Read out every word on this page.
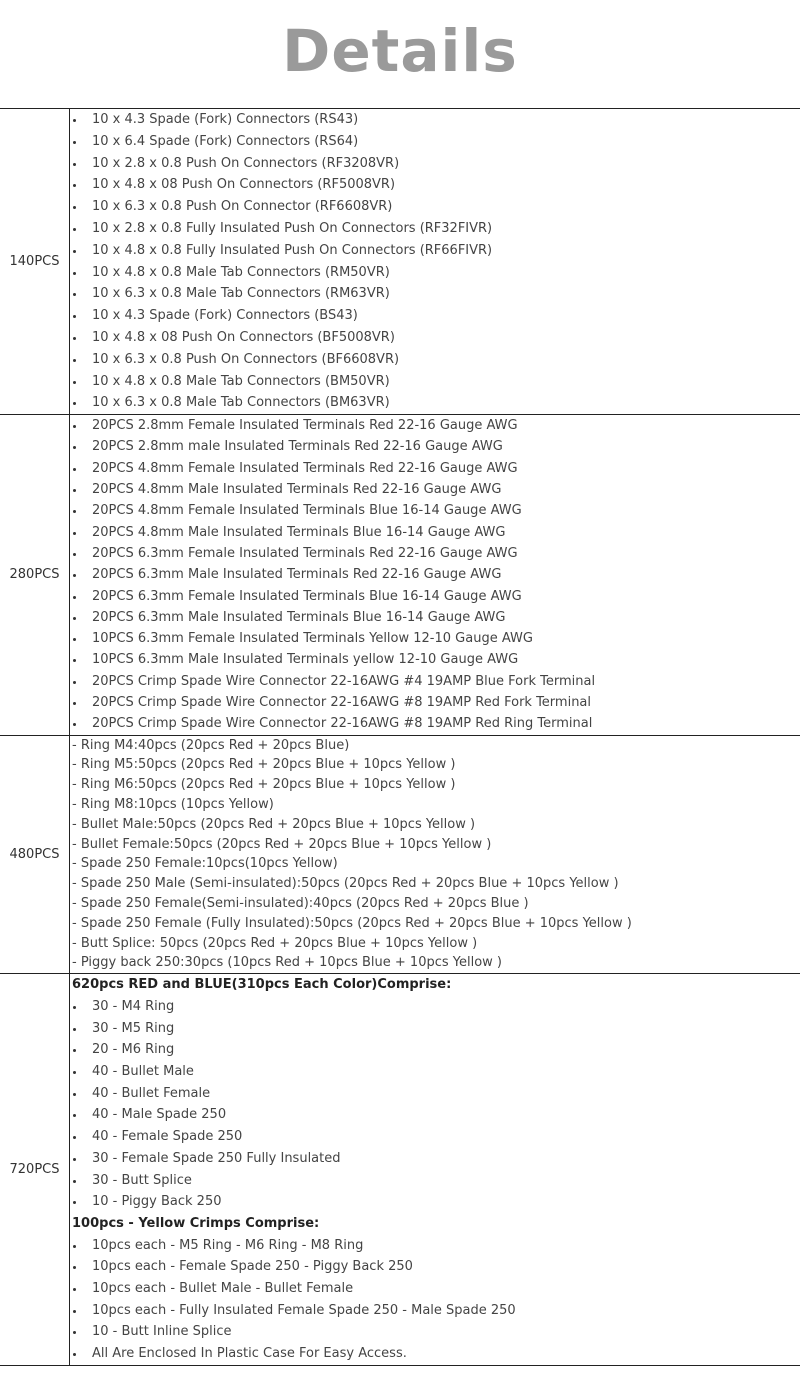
Details
140PCS
10 x 4.3 Spade (Fork) Connectors (RS43)
10 x 6.4 Spade (Fork) Connectors (RS64)
10 x 2.8 x 0.8 Push On Connectors (RF3208VR)
10 x 4.8 x 08 Push On Connectors (RF5008VR)
10 x 6.3 x 0.8 Push On Connector (RF6608VR)
10 x 2.8 x 0.8 Fully Insulated Push On Connectors (RF32FIVR)
10 x 4.8 x 0.8 Fully Insulated Push On Connectors (RF66FIVR)
10 x 4.8 x 0.8 Male Tab Connectors (RM50VR)
10 x 6.3 x 0.8 Male Tab Connectors (RM63VR)
10 x 4.3 Spade (Fork) Connectors (BS43)
10 x 4.8 x 08 Push On Connectors (BF5008VR)
10 x 6.3 x 0.8 Push On Connectors (BF6608VR)
10 x 4.8 x 0.8 Male Tab Connectors (BM50VR)
10 x 6.3 x 0.8 Male Tab Connectors (BM63VR)
280PCS
20PCS 2.8mm Female Insulated Terminals Red 22-16 Gauge AWG
20PCS 2.8mm male Insulated Terminals Red 22-16 Gauge AWG
20PCS 4.8mm Female Insulated Terminals Red 22-16 Gauge AWG
20PCS 4.8mm Male Insulated Terminals Red 22-16 Gauge AWG
20PCS 4.8mm Female Insulated Terminals Blue 16-14 Gauge AWG
20PCS 4.8mm Male Insulated Terminals Blue 16-14 Gauge AWG
20PCS 6.3mm Female Insulated Terminals Red 22-16 Gauge AWG
20PCS 6.3mm Male Insulated Terminals Red 22-16 Gauge AWG
20PCS 6.3mm Female Insulated Terminals Blue 16-14 Gauge AWG
20PCS 6.3mm Male Insulated Terminals Blue 16-14 Gauge AWG
10PCS 6.3mm Female Insulated Terminals Yellow 12-10 Gauge AWG
10PCS 6.3mm Male Insulated Terminals yellow 12-10 Gauge AWG
20PCS Crimp Spade Wire Connector 22-16AWG #4 19AMP Blue Fork Terminal
20PCS Crimp Spade Wire Connector 22-16AWG #8 19AMP Red Fork Terminal
20PCS Crimp Spade Wire Connector 22-16AWG #8 19AMP Red Ring Terminal
480PCS
- Ring M4:40pcs (20pcs Red + 20pcs Blue)
- Ring M5:50pcs (20pcs Red + 20pcs Blue + 10pcs Yellow )
- Ring M6:50pcs (20pcs Red + 20pcs Blue + 10pcs Yellow )
- Ring M8:10pcs (10pcs Yellow)
- Bullet Male:50pcs (20pcs Red + 20pcs Blue + 10pcs Yellow )
- Bullet Female:50pcs (20pcs Red + 20pcs Blue + 10pcs Yellow )
- Spade 250 Female:10pcs(10pcs Yellow)
- Spade 250 Male (Semi-insulated):50pcs (20pcs Red + 20pcs Blue + 10pcs Yellow )
- Spade 250 Female(Semi-insulated):40pcs (20pcs Red + 20pcs Blue )
- Spade 250 Female (Fully Insulated):50pcs (20pcs Red + 20pcs Blue + 10pcs Yellow )
- Butt Splice: 50pcs (20pcs Red + 20pcs Blue + 10pcs Yellow )
- Piggy back 250:30pcs (10pcs Red + 10pcs Blue + 10pcs Yellow )
720PCS
620pcs RED and BLUE(310pcs Each Color)Comprise:
30 - M4 Ring
30 - M5 Ring
20 - M6 Ring
40 - Bullet Male
40 - Bullet Female
40 - Male Spade 250
40 - Female Spade 250
30 - Female Spade 250 Fully Insulated
30 - Butt Splice
10 - Piggy Back 250
100pcs - Yellow Crimps Comprise:
10pcs each - M5 Ring - M6 Ring - M8 Ring
10pcs each - Female Spade 250 - Piggy Back 250
10pcs each - Bullet Male - Bullet Female
10pcs each - Fully Insulated Female Spade 250 - Male Spade 250
10 - Butt Inline Splice
All Are Enclosed In Plastic Case For Easy Access.
